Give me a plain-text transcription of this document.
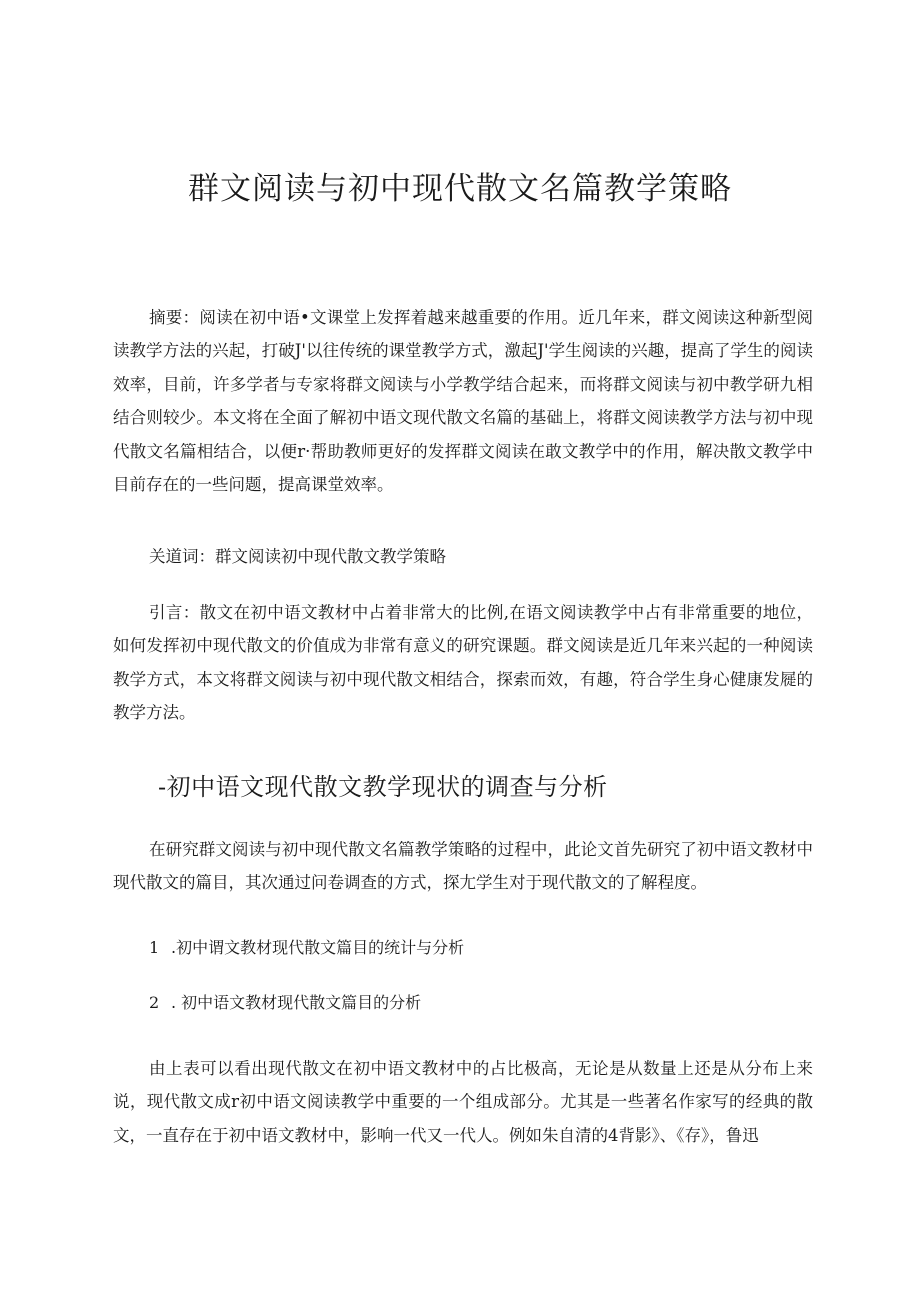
群文阅读与初中现代散文名篇教学策略

摘要：阅读在初中语•文课堂上发挥着越来越重要的作用。近几年来，群文阅读这种新型阅读教学方法的兴起，打破J'以往传统的课堂教学方式，激起J'学生阅读的兴趣，提高了学生的阅读效率，目前，许多学者与专家将群文阅读与小学教学结合起来，而将群文阅读与初中教学研九相结合则较少。本文将在全面了解初中语文现代散文名篇的基础上，将群文阅读教学方法与初中现代散文名篇相结合，以便r·帮助教师更好的发挥群文阅读在敢文教学中的作用，解决散文教学中目前存在的一些问题，提高课堂效率。

关道词：群文阅读初中现代散文教学策略

引言：散文在初中语文教材中占着非常大的比例,在语文阅读教学中占有非常重要的地位，如何发挥初中现代散文的价值成为非常有意义的研究课题。群文阅读是近几年来兴起的一种阅读教学方式，本文将群文阅读与初中现代散文相结合，探索而效，有趣，符合学生身心健康发屣的教学方法。

-初中语文现代散文教学现状的调查与分析

在研究群文阅读与初中现代散文名篇教学策略的过程中，此论文首先研究了初中语文教材中现代散文的篇目，其次通过问卷调查的方式，探尢学生对于现代散文的了解程度。

1 .初中谓文教材现代散文篇目的统计与分析

2 . 初中语文教材现代散文篇目的分析

由上表可以看出现代散文在初中语文教材中的占比极高，无论是从数量上还是从分布上来说，现代散文成r初中语文阅读教学中重要的一个组成部分。尤其是一些著名作家写的经典的散文，一直存在于初中语文教材中，影响一代又一代人。例如朱自清的4背影》、《存》，鲁迅
